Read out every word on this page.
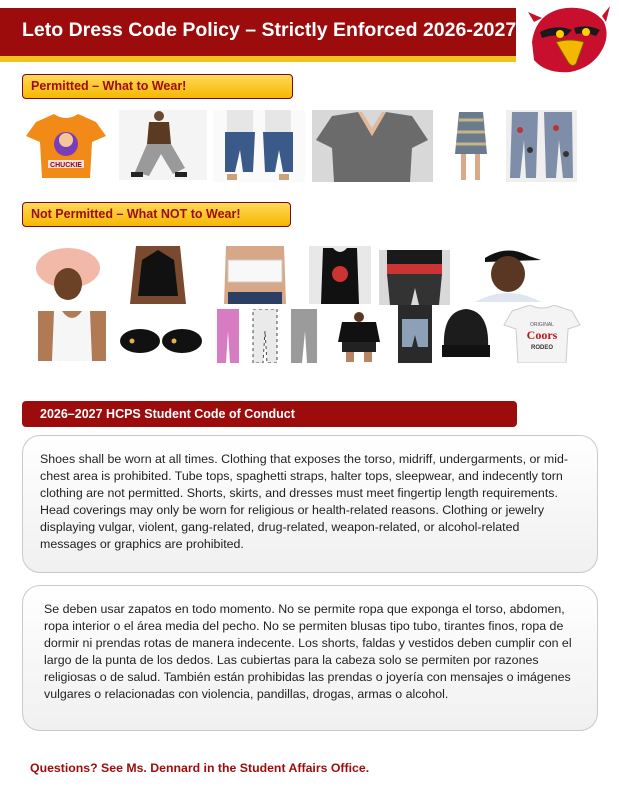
Leto Dress Code Policy – Strictly Enforced 2026-2027
Permitted – What to Wear!
CHUCKIE
Not Permitted – What NOT to Wear!
ORIGINAL
Coors
RODEO
2026–2027 HCPS Student Code of Conduct

Shoes shall be worn at all times. Clothing that exposes the torso, midriff, undergarments, or mid-chest area is prohibited. Tube tops, spaghetti straps, halter tops, sleepwear, and indecently torn clothing are not permitted. Shorts, skirts, and dresses must meet fingertip length requirements. Head coverings may only be worn for religious or health-related reasons. Clothing or jewelry displaying vulgar, violent, gang-related, drug-related, weapon-related, or alcohol-related messages or graphics are prohibited.

Se deben usar zapatos en todo momento. No se permite ropa que exponga el torso, abdomen, ropa interior o el área media del pecho. No se permiten blusas tipo tubo, tirantes finos, ropa de dormir ni prendas rotas de manera indecente. Los shorts, faldas y vestidos deben cumplir con el largo de la punta de los dedos. Las cubiertas para la cabeza solo se permiten por razones religiosas o de salud. También están prohibidas las prendas o joyería con mensajes o imágenes vulgares o relacionadas con violencia, pandillas, drogas, armas o alcohol.

Questions? See Ms. Dennard in the Student Affairs Office.
